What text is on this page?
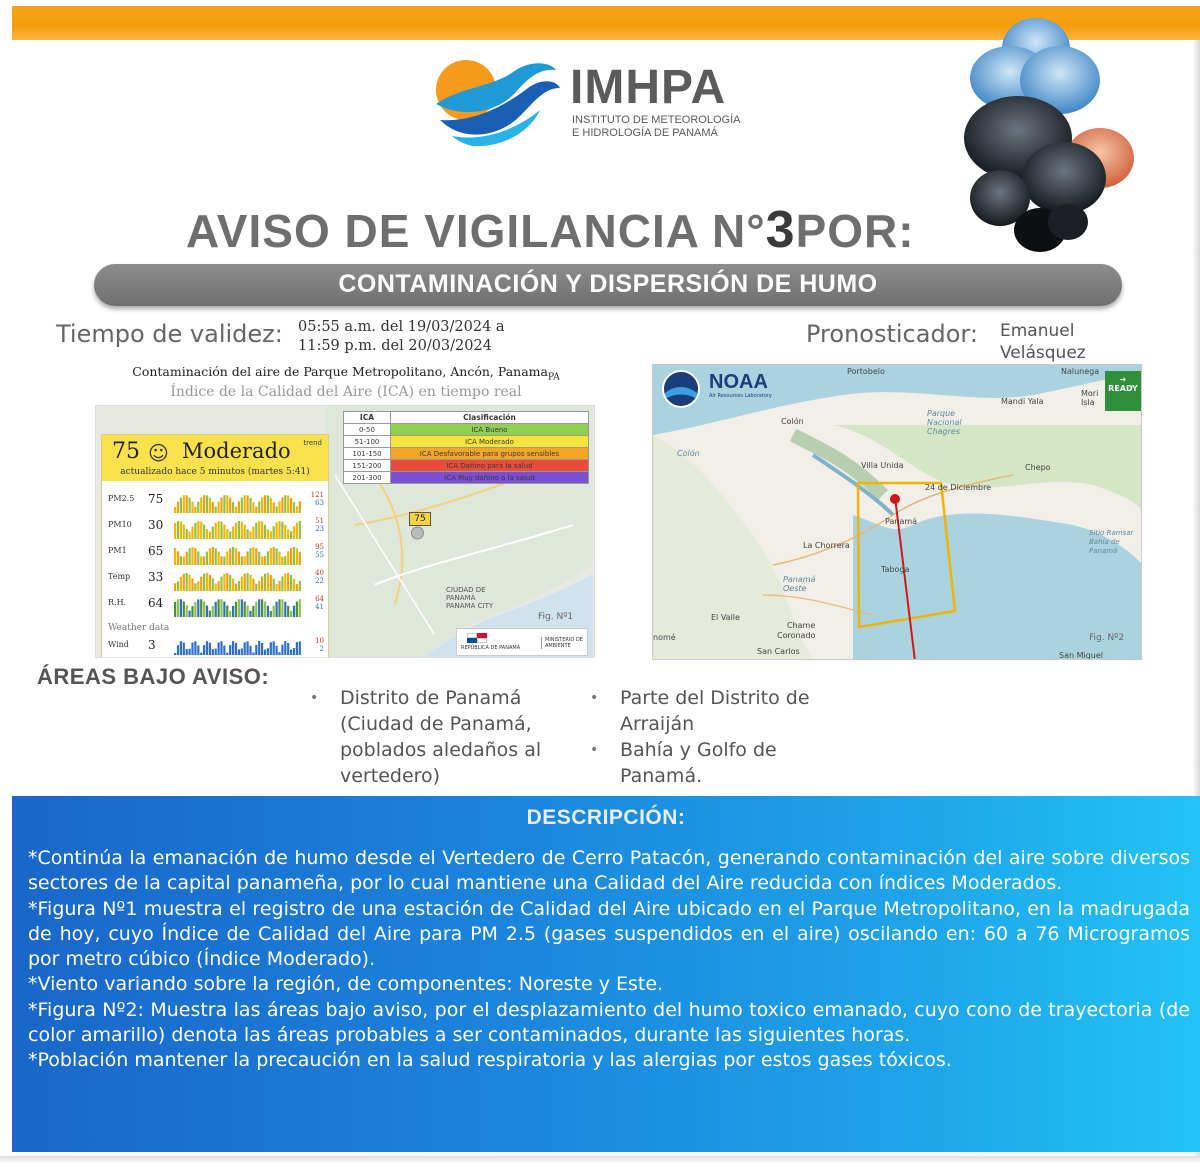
IMHPA
INSTITUTO DE METEOROLOGÍA
E HIDROLOGÍA DE PANAMÁ
AVISO DE VIGILANCIA N°3POR:
CONTAMINACIÓN Y DISPERSIÓN DE HUMO
Tiempo de validez: 05:55 a.m. del 19/03/2024 a
11:59 p.m. del 20/03/2024	Pronosticador: Emanuel
Velásquez
Contaminación del aire de Parque Metropolitano, Ancón, Panama$_{PA}$
Índice de la Calidad del Aire (ICA) en tiempo real
ICA	Clasificación
0-50	ICA Bueno
51-100	ICA Moderado
101-150	ICA Desfavorable para grupos sensibles
151-200	ICA Dañino para la salud
201-300	ICA Muy dañino a la salud
75 ☺ Moderado trend
actualizado hace 5 minutos (martes 5:41)
PM2.5 75	121
63
PM10 30	51
23
PM1 65	95
55
Temp 33	40
22
R.H. 64	64
41
Weather data
Wind 3	10
2
75
CIUDAD DE
PANAMÁ
PANAMA CITY
Fig. Nº1
REPÚBLICA DE PANAMÁ
MINISTERIO DE AMBIENTE
NOAA
Air Resources Laboratory
➜
READY
Portobelo	Nalunega
Mandi Yala
Colón
Colón
Parque Nacional Chagres
Villa Unida	Chepo
24 de Diciembre
Panamá
La Chorrera
Panamá Oeste
Taboga
El Valle
Chame
Coronado
San Carlos	San Miguel
Sitio Ramsar Bahía de Panamá
nomé
Mori Isla
Fig. Nº2
ÁREAS BAJO AVISO:
• Distrito de Panamá (Ciudad de Panamá, poblados aledaños al vertedero)
• Parte del Distrito de Arraiján
• Bahía y Golfo de Panamá.
DESCRIPCIÓN:

*Continúa la emanación de humo desde el Vertedero de Cerro Patacón, generando contaminación del aire sobre diversos sectores de la capital panameña, por lo cual mantiene una Calidad del Aire reducida con índices Moderados.

*Figura Nº1 muestra el registro de una estación de Calidad del Aire ubicado en el Parque Metropolitano, en la madrugada de hoy, cuyo Índice de Calidad del Aire para PM 2.5 (gases suspendidos en el aire) oscilando en: 60 a 76 Microgramos por metro cúbico (Índice Moderado).

*Viento variando sobre la región, de componentes: Noreste y Este.

*Figura Nº2: Muestra las áreas bajo aviso, por el desplazamiento del humo toxico emanado, cuyo cono de trayectoria (de color amarillo) denota las áreas probables a ser contaminados, durante las siguientes horas.

*Población mantener la precaución en la salud respiratoria y las alergias por estos gases tóxicos.
